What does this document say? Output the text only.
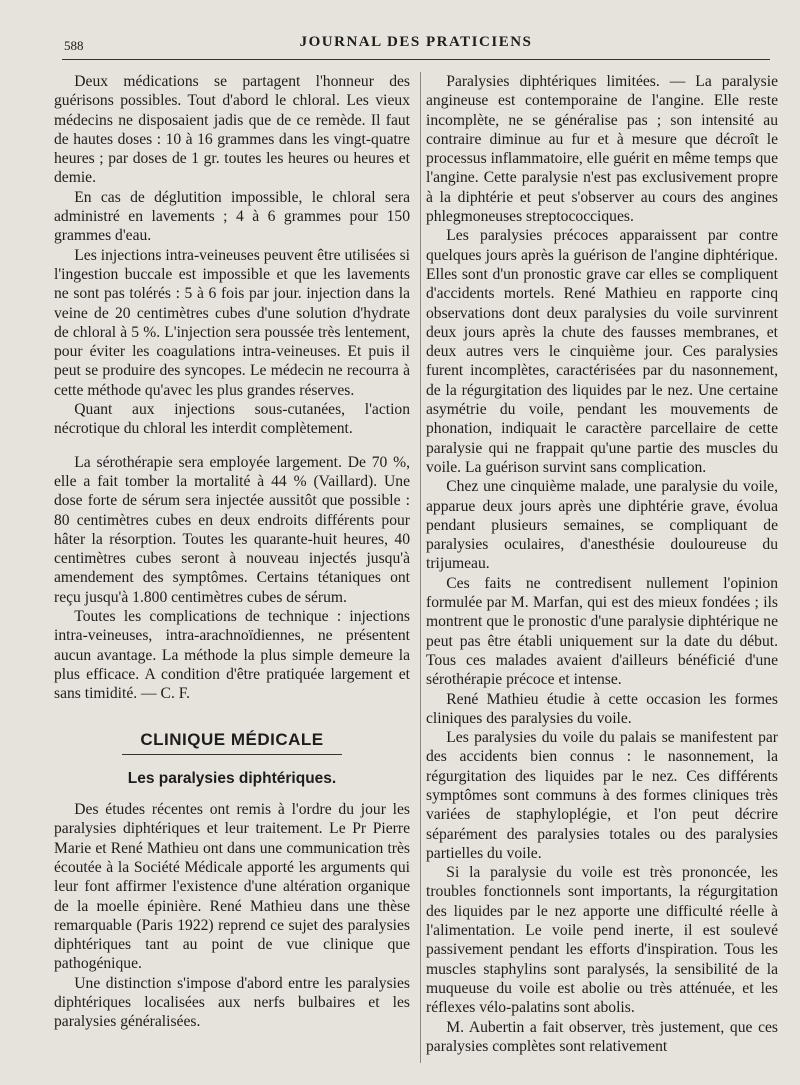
588	JOURNAL DES PRATICIENS

Deux médications se partagent l'honneur des guérisons possibles. Tout d'abord le chloral. Les vieux médecins ne disposaient jadis que de ce remède. Il faut de hautes doses : 10 à 16 grammes dans les vingt-quatre heures ; par doses de 1 gr. toutes les heures ou heures et demie.

En cas de déglutition impossible, le chloral sera administré en lavements ; 4 à 6 grammes pour 150 grammes d'eau.

Les injections intra-veineuses peuvent être utilisées si l'ingestion buccale est impossible et que les lavements ne sont pas tolérés : 5 à 6 fois par jour. injection dans la veine de 20 centimètres cubes d'une solution d'hydrate de chloral à 5 %. L'injection sera poussée très lentement, pour éviter les coagulations intra-veineuses. Et puis il peut se produire des syncopes. Le médecin ne recourra à cette méthode qu'avec les plus grandes réserves.

Quant aux injections sous-cutanées, l'action nécrotique du chloral les interdit complètement.

La sérothérapie sera employée largement. De 70 %, elle a fait tomber la mortalité à 44 % (Vaillard). Une dose forte de sérum sera injectée aussitôt que possible : 80 centimètres cubes en deux endroits différents pour hâter la résorption. Toutes les quarante-huit heures, 40 centimètres cubes seront à nouveau injectés jusqu'à amendement des symptômes. Certains tétaniques ont reçu jusqu'à 1.800 centimètres cubes de sérum.

Toutes les complications de technique : injections intra-veineuses, intra-arachnoïdiennes, ne présentent aucun avantage. La méthode la plus simple demeure la plus efficace. A condition d'être pratiquée largement et sans timidité. — C. F.

CLINIQUE MÉDICALE
Les paralysies diphtériques.

Des études récentes ont remis à l'ordre du jour les paralysies diphtériques et leur traitement. Le Pr Pierre Marie et René Mathieu ont dans une communication très écoutée à la Société Médicale apporté les arguments qui leur font affirmer l'existence d'une altération organique de la moelle épinière. René Mathieu dans une thèse remarquable (Paris 1922) reprend ce sujet des paralysies diphtériques tant au point de vue clinique que pathogénique.

Une distinction s'impose d'abord entre les paralysies diphtériques localisées aux nerfs bulbaires et les paralysies généralisées.

Paralysies diphtériques limitées. — La paralysie angineuse est contemporaine de l'angine. Elle reste incomplète, ne se généralise pas ; son intensité au contraire diminue au fur et à mesure que décroît le processus inflammatoire, elle guérit en même temps que l'angine. Cette paralysie n'est pas exclusivement propre à la diphtérie et peut s'observer au cours des angines phlegmoneuses streptococciques.

Les paralysies précoces apparaissent par contre quelques jours après la guérison de l'angine diphtérique. Elles sont d'un pronostic grave car elles se compliquent d'accidents mortels. René Mathieu en rapporte cinq observations dont deux paralysies du voile survinrent deux jours après la chute des fausses membranes, et deux autres vers le cinquième jour. Ces paralysies furent incomplètes, caractérisées par du nasonnement, de la régurgitation des liquides par le nez. Une certaine asymétrie du voile, pendant les mouvements de phonation, indiquait le caractère parcellaire de cette paralysie qui ne frappait qu'une partie des muscles du voile. La guérison survint sans complication.

Chez une cinquième malade, une paralysie du voile, apparue deux jours après une diphtérie grave, évolua pendant plusieurs semaines, se compliquant de paralysies oculaires, d'anesthésie douloureuse du trijumeau.

Ces faits ne contredisent nullement l'opinion formulée par M. Marfan, qui est des mieux fondées ; ils montrent que le pronostic d'une paralysie diphtérique ne peut pas être établi uniquement sur la date du début. Tous ces malades avaient d'ailleurs bénéficié d'une sérothérapie précoce et intense.

René Mathieu étudie à cette occasion les formes cliniques des paralysies du voile.

Les paralysies du voile du palais se manifestent par des accidents bien connus : le nasonnement, la régurgitation des liquides par le nez. Ces différents symptômes sont communs à des formes cliniques très variées de staphyloplégie, et l'on peut décrire séparément des paralysies totales ou des paralysies partielles du voile.

Si la paralysie du voile est très prononcée, les troubles fonctionnels sont importants, la régurgitation des liquides par le nez apporte une difficulté réelle à l'alimentation. Le voile pend inerte, il est soulevé passivement pendant les efforts d'inspiration. Tous les muscles staphylins sont paralysés, la sensibilité de la muqueuse du voile est abolie ou très atténuée, et les réflexes vélo-palatins sont abolis.

M. Aubertin a fait observer, très justement, que ces paralysies complètes sont relativement
